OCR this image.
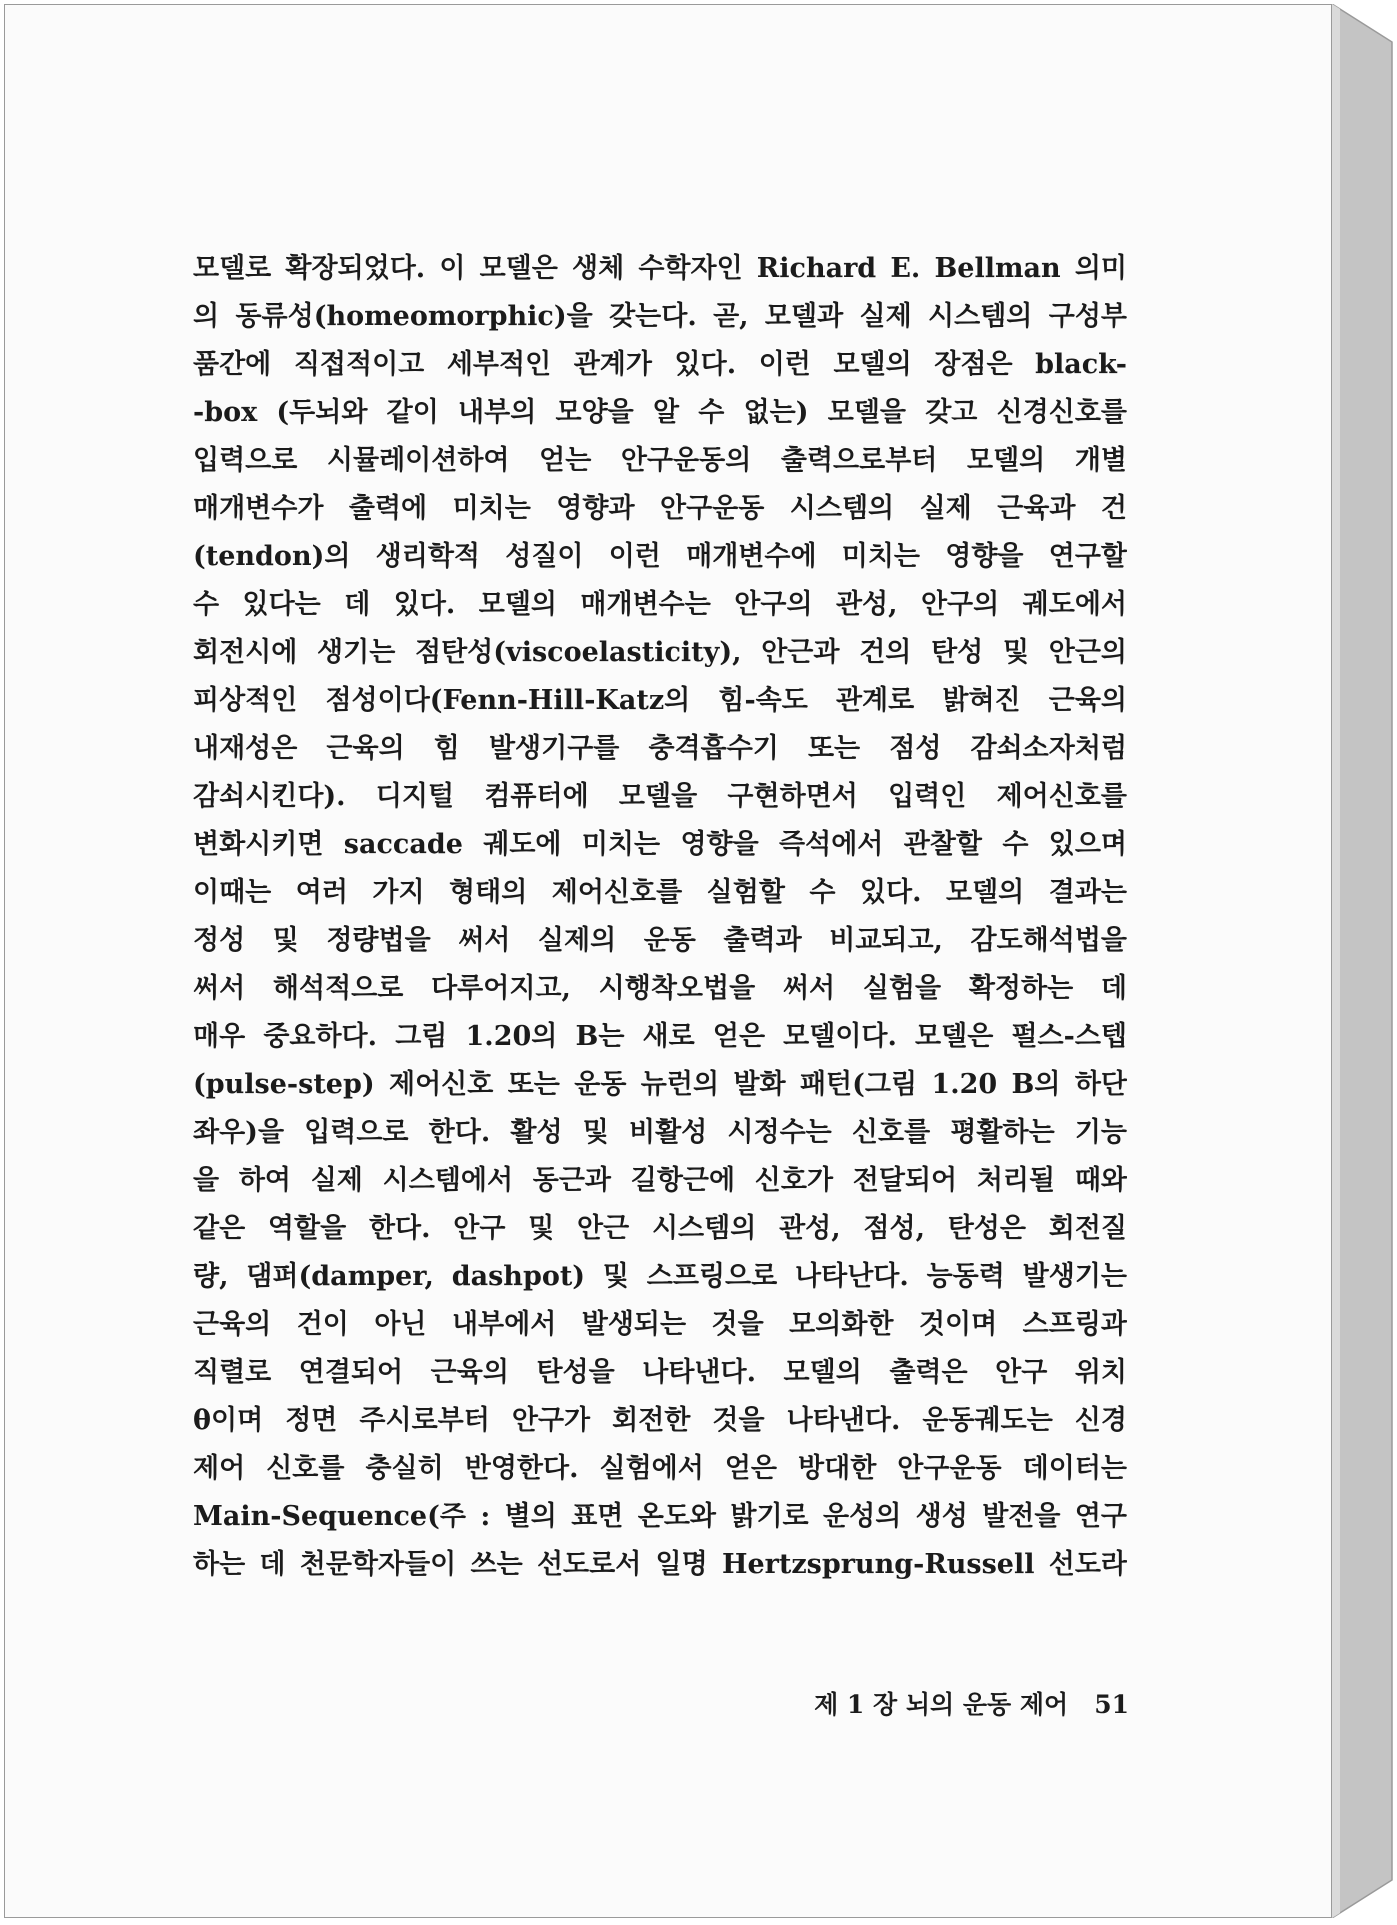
모델로 확장되었다. 이 모델은 생체 수학자인 Richard E. Bellman 의미
의 동류성(homeomorphic)을 갖는다. 곧, 모델과 실제 시스템의 구성부
품간에 직접적이고 세부적인 관계가 있다. 이런 모델의 장점은 black-
-box (두뇌와 같이 내부의 모양을 알 수 없는) 모델을 갖고 신경신호를
입력으로 시뮬레이션하여 얻는 안구운동의 출력으로부터 모델의 개별
매개변수가 출력에 미치는 영향과 안구운동 시스템의 실제 근육과 건
(tendon)의 생리학적 성질이 이런 매개변수에 미치는 영향을 연구할
수 있다는 데 있다. 모델의 매개변수는 안구의 관성, 안구의 궤도에서
회전시에 생기는 점탄성(viscoelasticity), 안근과 건의 탄성 및 안근의
피상적인 점성이다(Fenn-Hill-Katz의 힘-속도 관계로 밝혀진 근육의
내재성은 근육의 힘 발생기구를 충격흡수기 또는 점성 감쇠소자처럼
감쇠시킨다). 디지털 컴퓨터에 모델을 구현하면서 입력인 제어신호를
변화시키면 saccade 궤도에 미치는 영향을 즉석에서 관찰할 수 있으며
이때는 여러 가지 형태의 제어신호를 실험할 수 있다. 모델의 결과는
정성 및 정량법을 써서 실제의 운동 출력과 비교되고, 감도해석법을
써서 해석적으로 다루어지고, 시행착오법을 써서 실험을 확정하는 데
매우 중요하다. 그림 1.20의 B는 새로 얻은 모델이다. 모델은 펄스-스텝
(pulse-step) 제어신호 또는 운동 뉴런의 발화 패턴(그림 1.20 B의 하단
좌우)을 입력으로 한다. 활성 및 비활성 시정수는 신호를 평활하는 기능
을 하여 실제 시스템에서 동근과 길항근에 신호가 전달되어 처리될 때와
같은 역할을 한다. 안구 및 안근 시스템의 관성, 점성, 탄성은 회전질
량, 댐퍼(damper, dashpot) 및 스프링으로 나타난다. 능동력 발생기는
근육의 건이 아닌 내부에서 발생되는 것을 모의화한 것이며 스프링과
직렬로 연결되어 근육의 탄성을 나타낸다. 모델의 출력은 안구 위치
θ이며 정면 주시로부터 안구가 회전한 것을 나타낸다. 운동궤도는 신경
제어 신호를 충실히 반영한다. 실험에서 얻은 방대한 안구운동 데이터는
Main-Sequence(주 : 별의 표면 온도와 밝기로 운성의 생성 발전을 연구
하는 데 천문학자들이 쓰는 선도로서 일명 Hertzsprung-Russell 선도라
제 1 장 뇌의 운동 제어 51
